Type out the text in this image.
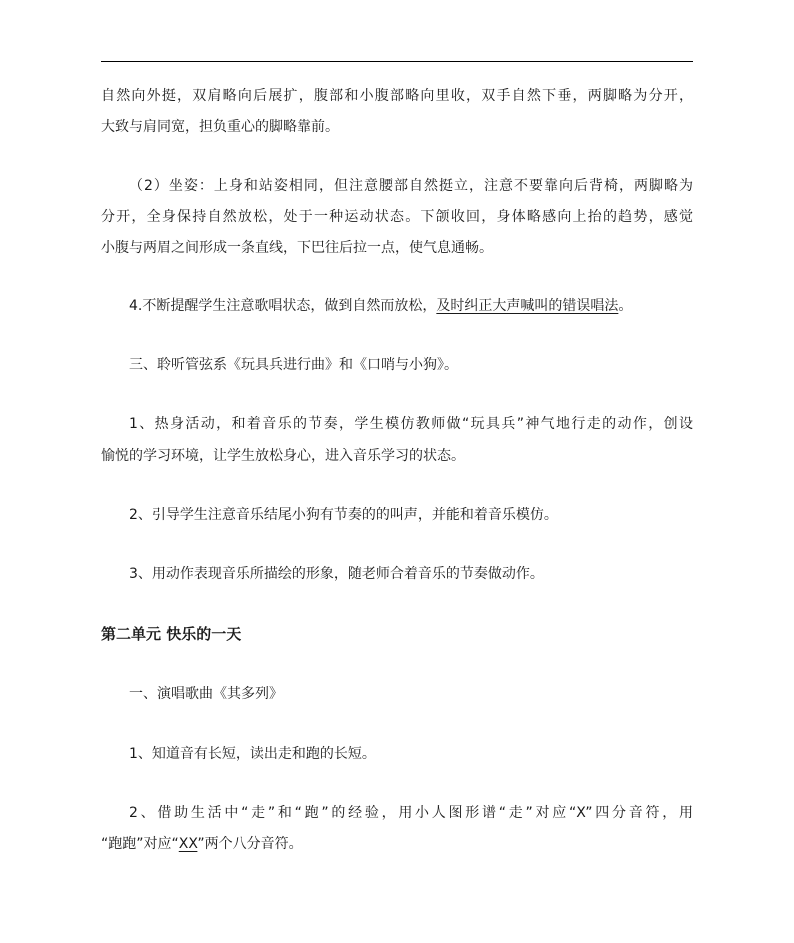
自然向外挺，双肩略向后展扩，腹部和小腹部略向里收，双手自然下垂，两脚略为分开，
大致与肩同宽，担负重心的脚略靠前。
（2）坐姿：上身和站姿相同，但注意腰部自然挺立，注意不要靠向后背椅，两脚略为
分开，全身保持自然放松，处于一种运动状态。下颌收回，身体略感向上抬的趋势，感觉
小腹与两眉之间形成一条直线，下巴往后拉一点，使气息通畅。
4.不断提醒学生注意歌唱状态，做到自然而放松，及时纠正大声喊叫的错误唱法。
三、聆听管弦系《玩具兵进行曲》和《口哨与小狗》。
1、热身活动，和着音乐的节奏，学生模仿教师做“玩具兵”神气地行走的动作，创设
愉悦的学习环境，让学生放松身心，进入音乐学习的状态。
2、引导学生注意音乐结尾小狗有节奏的的叫声，并能和着音乐模仿。
3、用动作表现音乐所描绘的形象，随老师合着音乐的节奏做动作。
第二单元 快乐的一天
一、演唱歌曲《其多列》
1、知道音有长短，读出走和跑的长短。
2、借助生活中“走”和“跑”的经验，用小人图形谱“走”对应“X”四分音符，用
“跑跑”对应“XX”两个八分音符。
